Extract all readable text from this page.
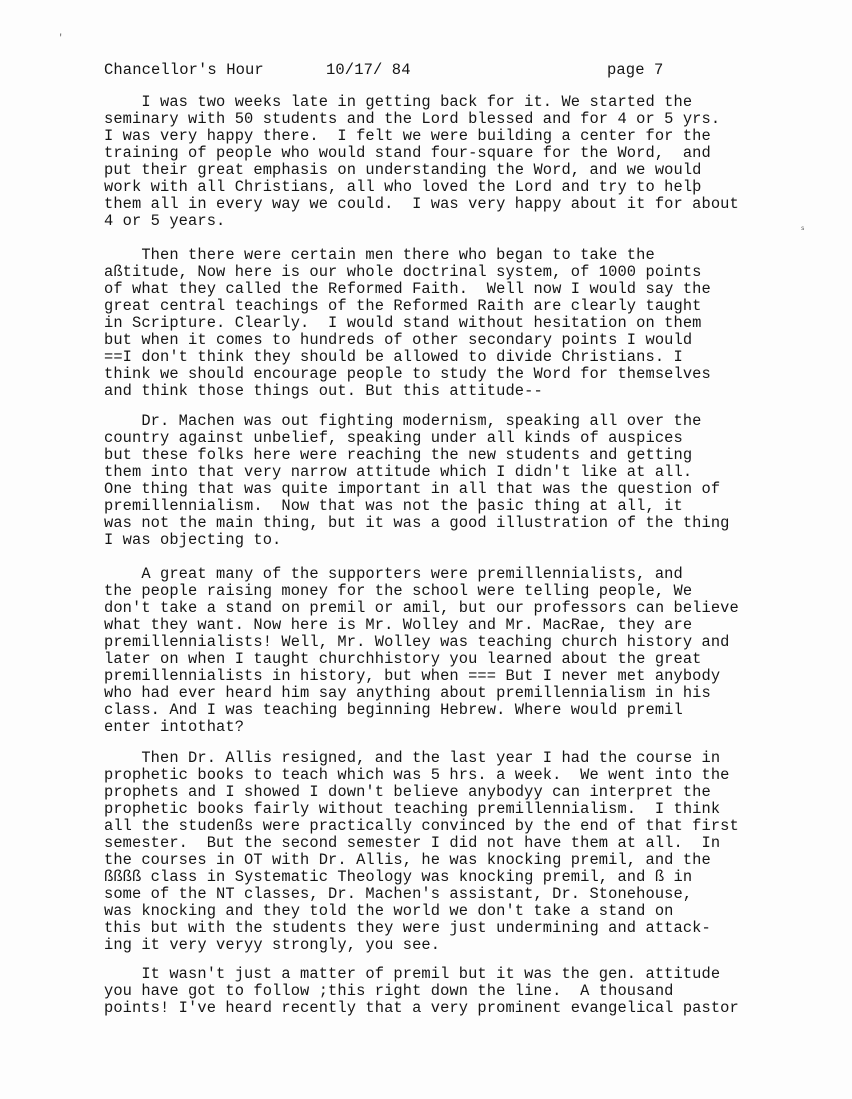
Chancellor's Hour	10/17/ 84	page 7
'
ˢ
I was two weeks late in getting back for it. We started the
seminary with 50 students and the Lord blessed and for 4 or 5 yrs.
I was very happy there.  I felt we were building a center for the
training of people who would stand four-square for the Word,  and
put their great emphasis on understanding the Word, and we would
work with all Christians, all who loved the Lord and try to helþ
them all in every way we could.  I was very happy about it for about
4 or 5 years.
Then there were certain men there who began to take the
aßtitude, Now here is our whole doctrinal system, of 1000 points
of what they called the Reformed Faith.  Well now I would say the
great central teachings of the Reformed Raith are clearly taught
in Scripture. Clearly.  I would stand without hesitation on them
but when it comes to hundreds of other secondary points I would
==I don't think they should be allowed to divide Christians. I
think we should encourage people to study the Word for themselves
and think those things out. But this attitude--
Dr. Machen was out fighting modernism, speaking all over the
country against unbelief, speaking under all kinds of auspices
but these folks here were reaching the new students and getting
them into that very narrow attitude which I didn't like at all.
One thing that was quite important in all that was the question of
premillennialism.  Now that was not the þasic thing at all, it
was not the main thing, but it was a good illustration of the thing
I was objecting to.
A great many of the supporters were premillennialists, and
the people raising money for the school were telling people, We
don't take a stand on premil or amil, but our professors can believe
what they want. Now here is Mr. Wolley and Mr. MacRae, they are
premillennialists! Well, Mr. Wolley was teaching church history and
later on when I taught churchhistory you learned about the great
premillennialists in history, but when === But I never met anybody
who had ever heard him say anything about premillennialism in his
class. And I was teaching beginning Hebrew. Where would premil
enter intothat?
Then Dr. Allis resigned, and the last year I had the course in
prophetic books to teach which was 5 hrs. a week.  We went into the
prophets and I showed I down't believe anybodyy can interpret the
prophetic books fairly without teaching premillennialism.  I think
all the studenßs were practically convinced by the end of that first
semester.  But the second semester I did not have them at all.  In
the courses in OT with Dr. Allis, he was knocking premil, and the
ßßßß class in Systematic Theology was knocking premil, and ß in
some of the NT classes, Dr. Machen's assistant, Dr. Stonehouse,
was knocking and they told the world we don't take a stand on
this but with the students they were just undermining and attack-
ing it very veryy strongly, you see.
It wasn't just a matter of premil but it was the gen. attitude
you have got to follow ;this right down the line.  A thousand
points! I've heard recently that a very prominent evangelical pastor
